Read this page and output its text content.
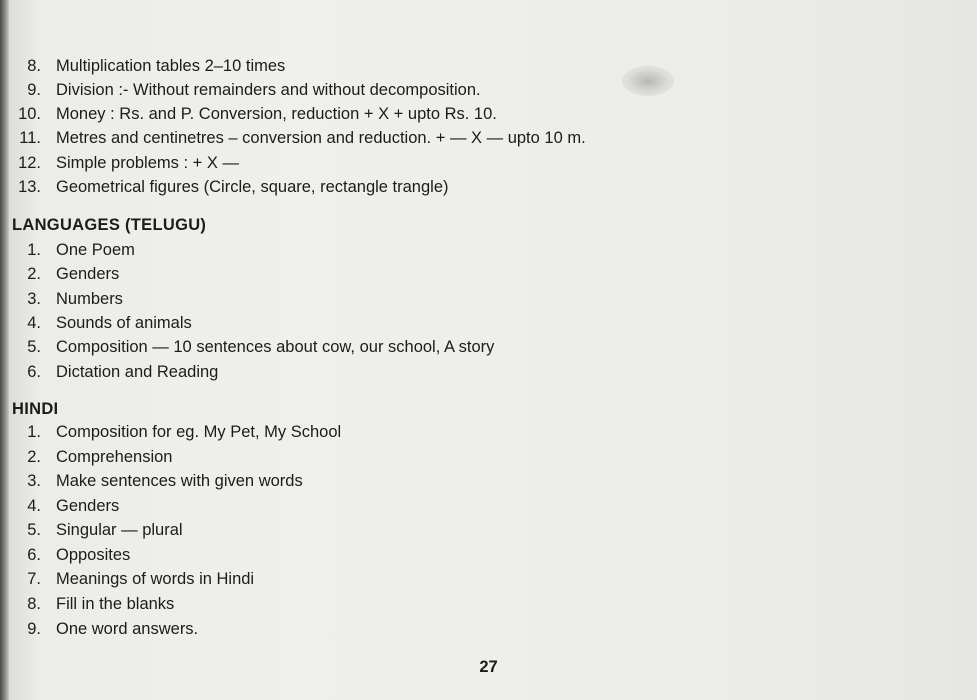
8. Multiplication tables 2–10 times
9. Division :- Without remainders and without decomposition.
10. Money : Rs. and P. Conversion, reduction + X + upto Rs. 10.
11. Metres and centinetres – conversion and reduction. + — X — upto 10 m.
12. Simple problems : + X —
13. Geometrical figures (Circle, square, rectangle trangle)
LANGUAGES (TELUGU)
1. One Poem
2. Genders
3. Numbers
4. Sounds of animals
5. Composition — 10 sentences about cow, our school, A story
6. Dictation and Reading
HINDI
1. Composition for eg. My Pet, My School
2. Comprehension
3. Make sentences with given words
4. Genders
5. Singular — plural
6. Opposites
7. Meanings of words in Hindi
8. Fill in the blanks
9. One word answers.
27
